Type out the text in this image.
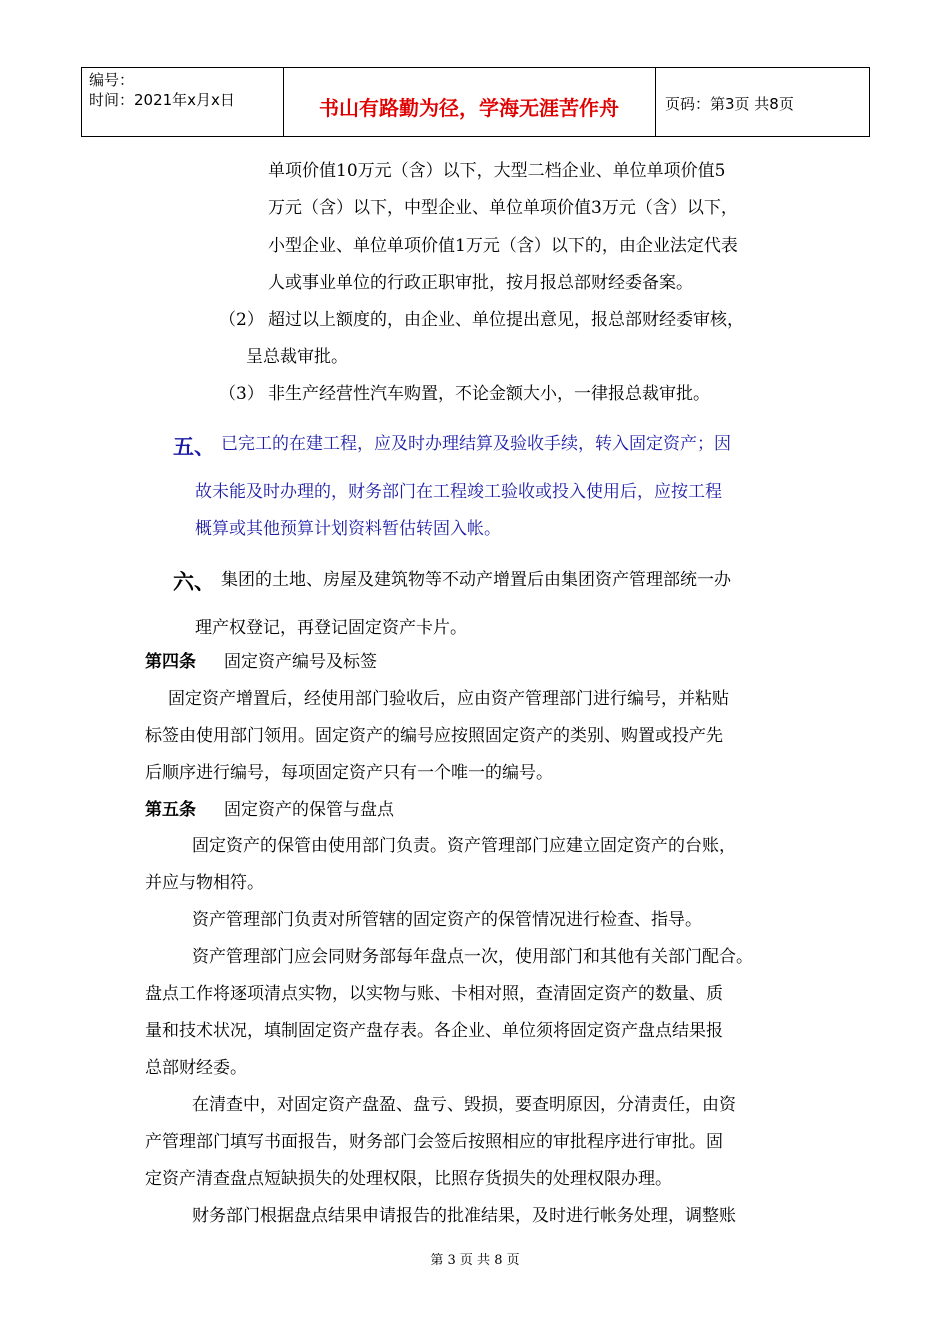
编号：
时间：2021年x月x日	书山有路勤为径，学海无涯苦作舟	页码：第3页 共8页
单项价值10万元（含）以下，大型二档企业、单位单项价值5
万元（含）以下，中型企业、单位单项价值3万元（含）以下，
小型企业、单位单项价值1万元（含）以下的，由企业法定代表
人或事业单位的行政正职审批，按月报总部财经委备案。
（2） 超过以上额度的，由企业、单位提出意见，报总部财经委审核，
呈总裁审批。
（3） 非生产经营性汽车购置，不论金额大小，一律报总裁审批。
五、 已完工的在建工程，应及时办理结算及验收手续，转入固定资产；因
故未能及时办理的，财务部门在工程竣工验收或投入使用后，应按工程
概算或其他预算计划资料暂估转固入帐。
六、 集团的土地、房屋及建筑物等不动产增置后由集团资产管理部统一办
理产权登记，再登记固定资产卡片。
第四条 固定资产编号及标签
固定资产增置后，经使用部门验收后，应由资产管理部门进行编号，并粘贴
标签由使用部门领用。固定资产的编号应按照固定资产的类别、购置或投产先
后顺序进行编号，每项固定资产只有一个唯一的编号。
第五条 固定资产的保管与盘点
固定资产的保管由使用部门负责。资产管理部门应建立固定资产的台账，
并应与物相符。
资产管理部门负责对所管辖的固定资产的保管情况进行检查、指导。
资产管理部门应会同财务部每年盘点一次，使用部门和其他有关部门配合。
盘点工作将逐项清点实物，以实物与账、卡相对照，查清固定资产的数量、质
量和技术状况，填制固定资产盘存表。各企业、单位须将固定资产盘点结果报
总部财经委。
在清查中，对固定资产盘盈、盘亏、毁损，要查明原因，分清责任，由资
产管理部门填写书面报告，财务部门会签后按照相应的审批程序进行审批。固
定资产清查盘点短缺损失的处理权限，比照存货损失的处理权限办理。
财务部门根据盘点结果申请报告的批准结果，及时进行帐务处理，调整账
第 3 页 共 8 页
